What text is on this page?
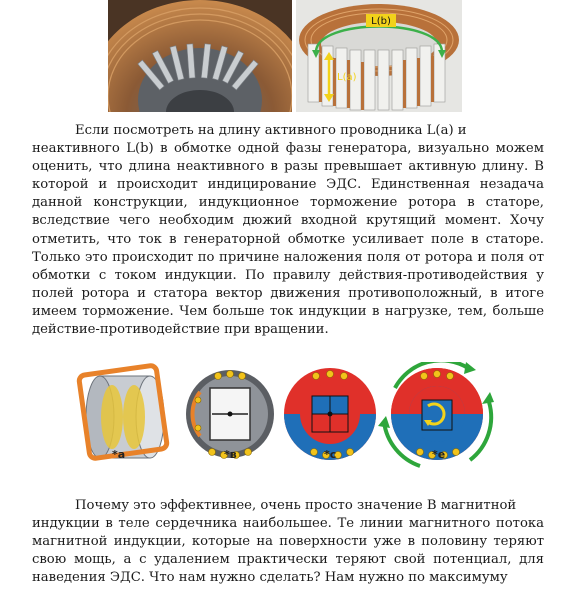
L(b)
L(a)
Если посмотреть на длину активного проводника L(a) и
неактивного L(b) в обмотке одной фазы генератора, визуально можем оценить, что длина неактивного в разы превышает активную длину. В которой и происходит индицирование ЭДС. Единственная незадача данной конструкции, индукционное торможение ротора в статоре, вследствие чего необходим дюжий входной крутящий момент. Хочу отметить, что ток в генераторной обмотке усиливает поле в статоре. Только это происходит по причине наложения поля от ротора и поля от обмотки с током индукции. По правилу действия-противодействия у полей ротора и статора вектор движения противоположный, в итоге имеем торможение. Чем больше ток индукции в нагрузке, тем, больше действие-противодействие при вращении.
*a	*в	*c	*e
Почему это эффективнее, очень просто значение В магнитной
индукции в теле сердечника наибольшее. Те линии магнитного потока магнитной индукции, которые на поверхности уже в половину теряют свою мощь, а с удалением практически теряют свой потенциал, для наведения ЭДС. Что нам нужно сделать? Нам нужно по максимуму
